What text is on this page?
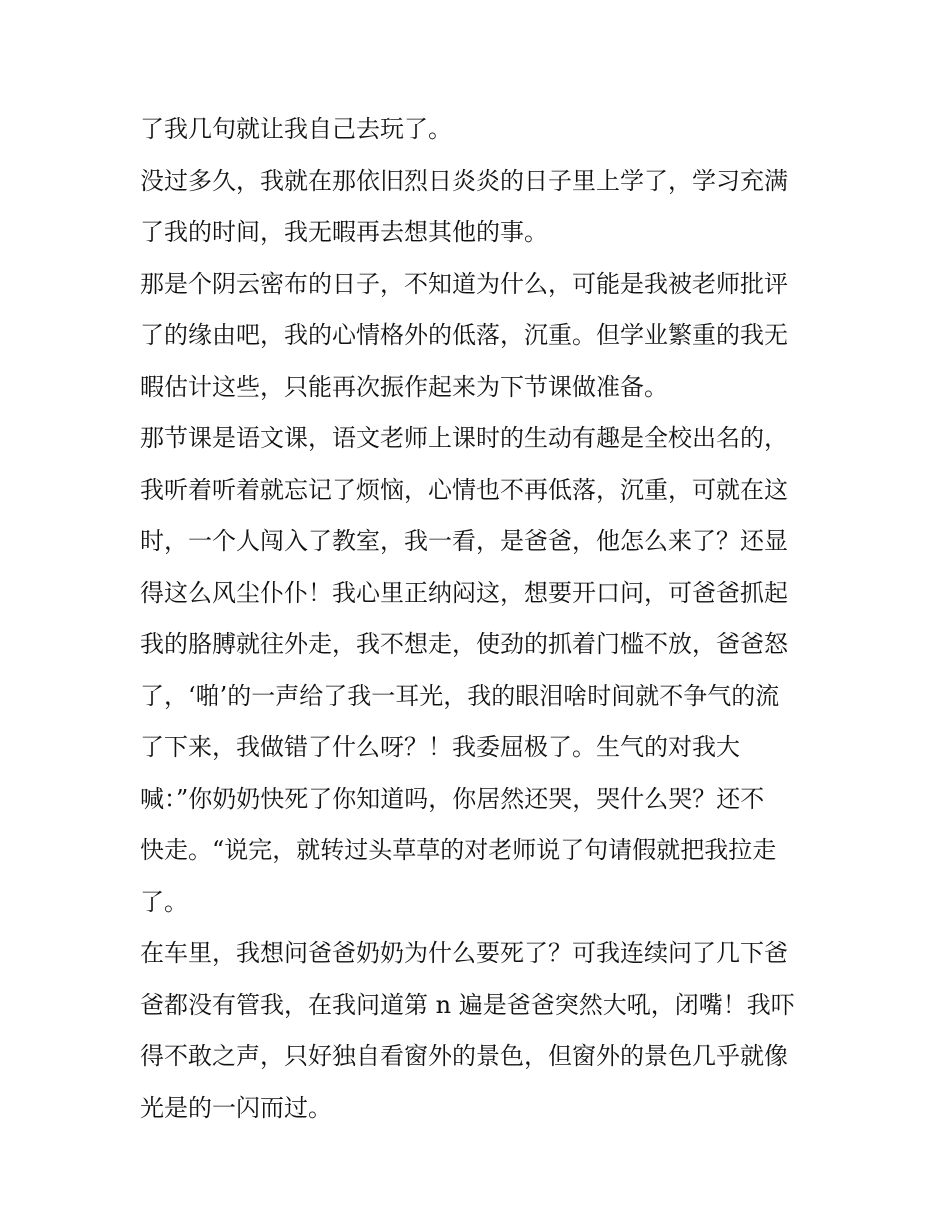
了我几句就让我自己去玩了。
没过多久，我就在那依旧烈日炎炎的日子里上学了，学习充满
了我的时间，我无暇再去想其他的事。
那是个阴云密布的日子，不知道为什么，可能是我被老师批评
了的缘由吧，我的心情格外的低落，沉重。但学业繁重的我无
暇估计这些，只能再次振作起来为下节课做准备。
那节课是语文课，语文老师上课时的生动有趣是全校出名的，
我听着听着就忘记了烦恼，心情也不再低落，沉重，可就在这
时，一个人闯入了教室，我一看，是爸爸，他怎么来了？还显
得这么风尘仆仆！我心里正纳闷这，想要开口问，可爸爸抓起
我的胳膊就往外走，我不想走，使劲的抓着门槛不放，爸爸怒
了，‘啪’的一声给了我一耳光，我的眼泪啥时间就不争气的流
了下来，我做错了什么呀？！我委屈极了。生气的对我大
喊：”你奶奶快死了你知道吗，你居然还哭，哭什么哭？还不
快走。“说完，就转过头草草的对老师说了句请假就把我拉走
了。
在车里，我想问爸爸奶奶为什么要死了？可我连续问了几下爸
爸都没有管我，在我问道第 n 遍是爸爸突然大吼，闭嘴！我吓
得不敢之声，只好独自看窗外的景色，但窗外的景色几乎就像
光是的一闪而过。
